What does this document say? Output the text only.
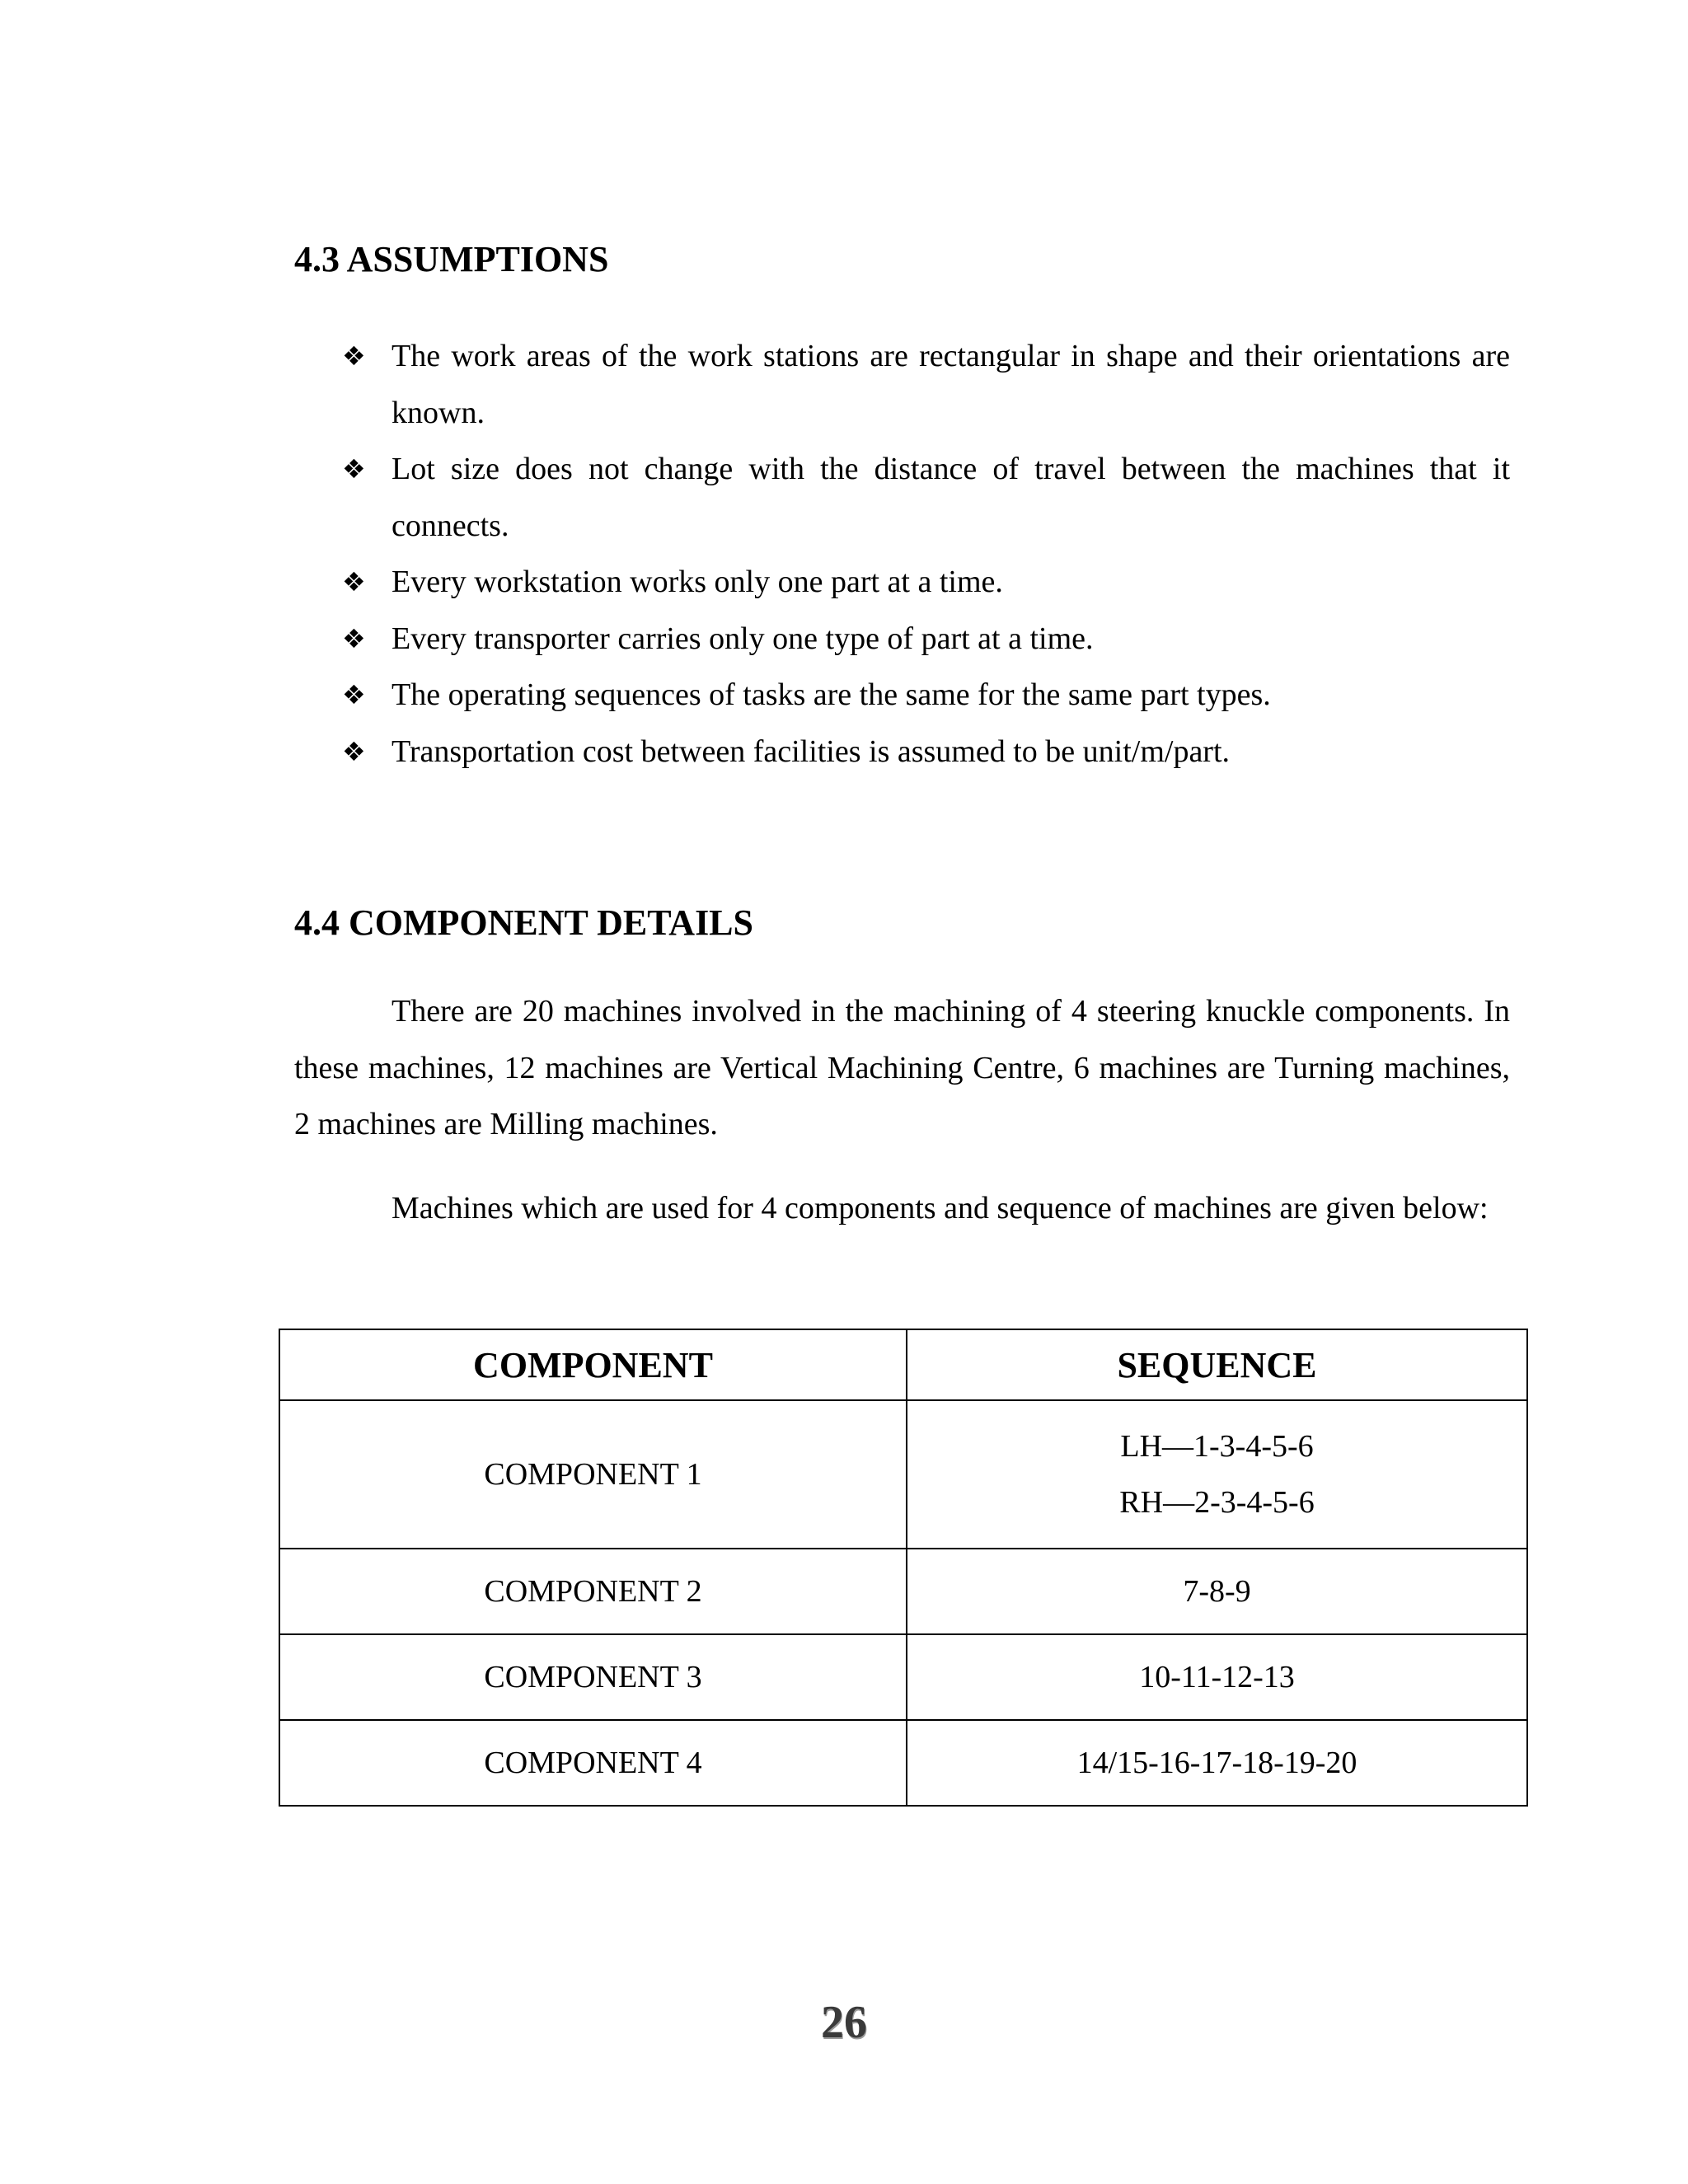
4.3 ASSUMPTIONS
❖ The work areas of the work stations are rectangular in shape and their orientations are known.
❖ Lot size does not change with the distance of travel between the machines that it connects.
❖ Every workstation works only one part at a time.
❖ Every transporter carries only one type of part at a time.
❖ The operating sequences of tasks are the same for the same part types.
❖ Transportation cost between facilities is assumed to be unit/m/part.
4.4 COMPONENT DETAILS

There are 20 machines involved in the machining of 4 steering knuckle components. In these machines, 12 machines are Vertical Machining Centre, 6 machines are Turning machines, 2 machines are Milling machines.

Machines which are used for 4 components and sequence of machines are given below:

COMPONENT	SEQUENCE
COMPONENT 1	LH—1-3-4-5-6
RH—2-3-4-5-6

COMPONENT 2	7-8-9
COMPONENT 3	10-11-12-13
COMPONENT 4	14/15-16-17-18-19-20
26
